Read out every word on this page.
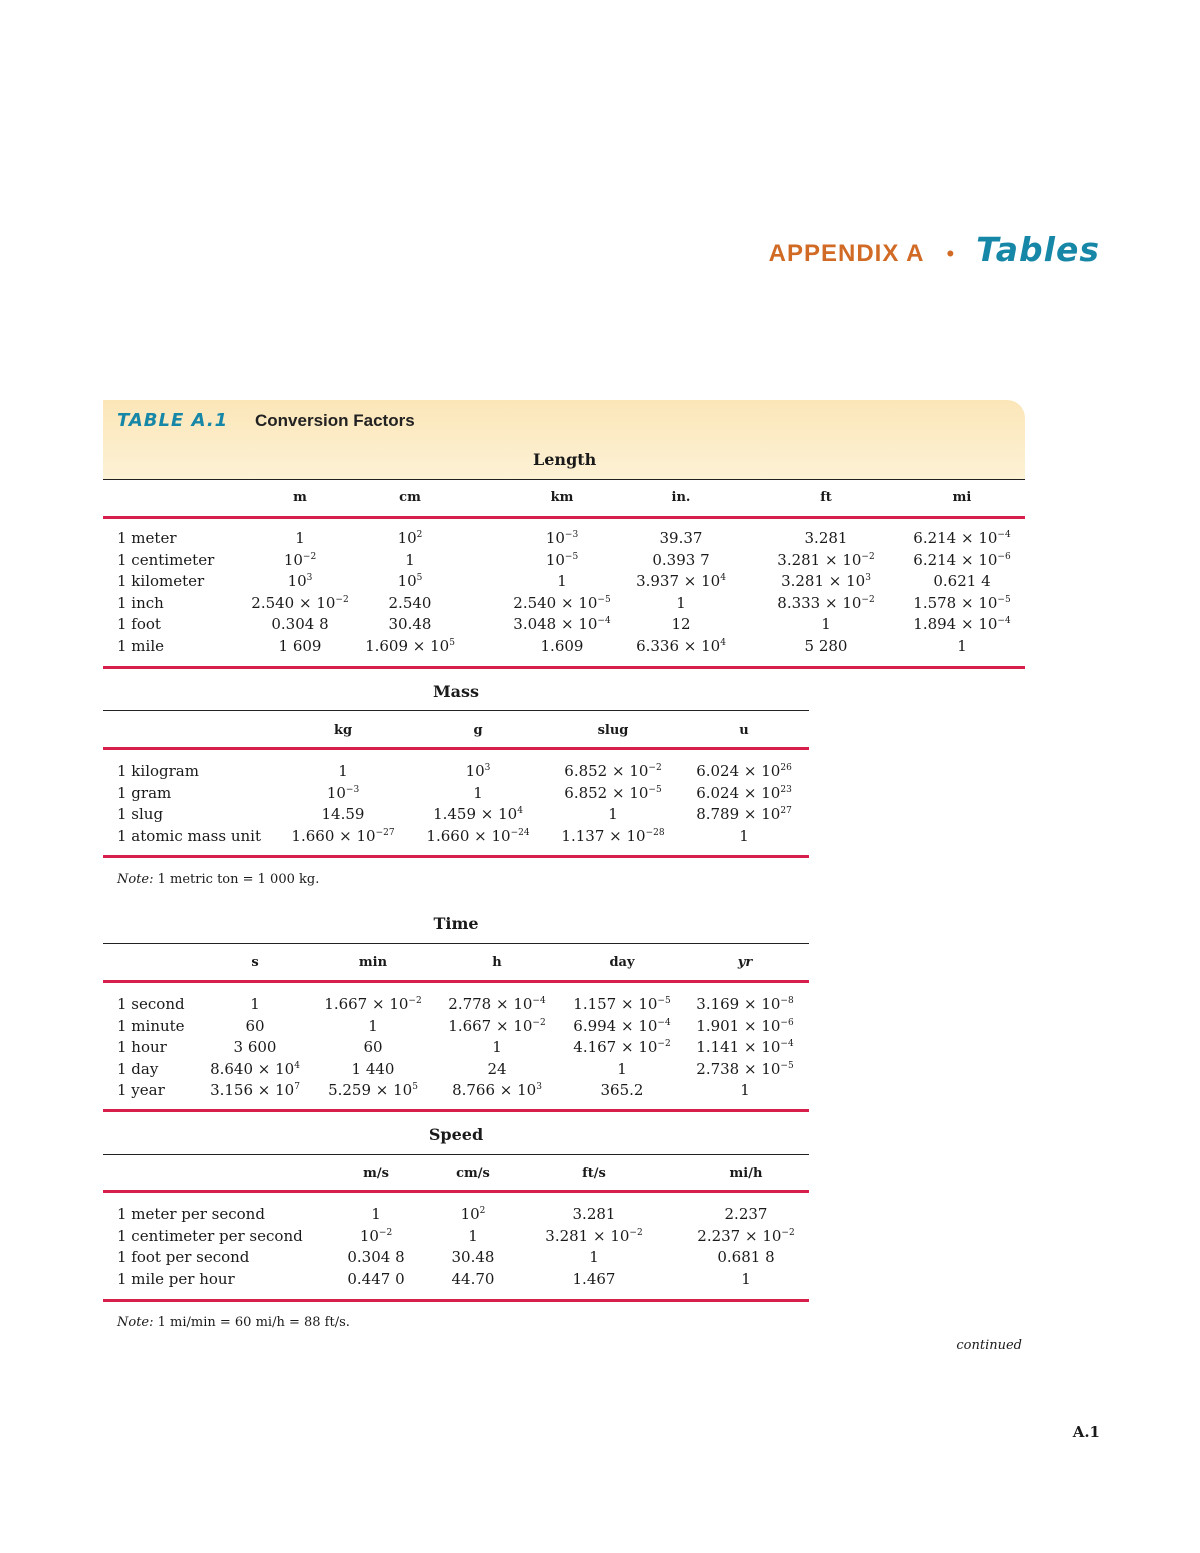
APPENDIX A • Tables
TABLE A.1 Conversion Factors
Length
m	cm	km	in.	ft	mi
1 meter	1	$10^2$	$10^{-3}$	39.37	3.281	$6.214 \times 10^{-4}$
1 centimeter	$10^{-2}$	1	$10^{-5}$	0.393 7	$3.281 \times 10^{-2}$	$6.214 \times 10^{-6}$
1 kilometer	$10^3$	$10^5$	1	$3.937 \times 10^4$	$3.281 \times 10^3$	0.621 4
1 inch	$2.540 \times 10^{-2}$	2.540	$2.540 \times 10^{-5}$	1	$8.333 \times 10^{-2}$	$1.578 \times 10^{-5}$
1 foot	0.304 8	30.48	$3.048 \times 10^{-4}$	12	1	$1.894 \times 10^{-4}$
1 mile	1 609	$1.609 \times 10^5$	1.609	$6.336 \times 10^4$	5 280	1
Mass
kg	g	slug	u
1 kilogram	1	$10^3$	$6.852 \times 10^{-2}$	$6.024 \times 10^{26}$
1 gram	$10^{-3}$	1	$6.852 \times 10^{-5}$	$6.024 \times 10^{23}$
1 slug	14.59	$1.459 \times 10^4$	1	$8.789 \times 10^{27}$
1 atomic mass unit	$1.660 \times 10^{-27}$	$1.660 \times 10^{-24}$	$1.137 \times 10^{-28}$	1
Time
s	min	h	day	yr
1 second	1	$1.667 \times 10^{-2}$	$2.778 \times 10^{-4}$	$1.157 \times 10^{-5}$	$3.169 \times 10^{-8}$
1 minute	60	1	$1.667 \times 10^{-2}$	$6.994 \times 10^{-4}$	$1.901 \times 10^{-6}$
1 hour	3 600	60	1	$4.167 \times 10^{-2}$	$1.141 \times 10^{-4}$
1 day	$8.640 \times 10^4$	1 440	24	1	$2.738 \times 10^{-5}$
1 year	$3.156 \times 10^7$	$5.259 \times 10^5$	$8.766 \times 10^3$	365.2	1
Speed
m/s	cm/s	ft/s	mi/h
1 meter per second	1	$10^2$	3.281	2.237
1 centimeter per second	$10^{-2}$	1	$3.281 \times 10^{-2}$	$2.237 \times 10^{-2}$
1 foot per second	0.304 8	30.48	1	0.681 8
1 mile per hour	0.447 0	44.70	1.467	1
Note: 1 metric ton = 1 000 kg.
Note: 1 mi/min = 60 mi/h = 88 ft/s.
continued
A.1
